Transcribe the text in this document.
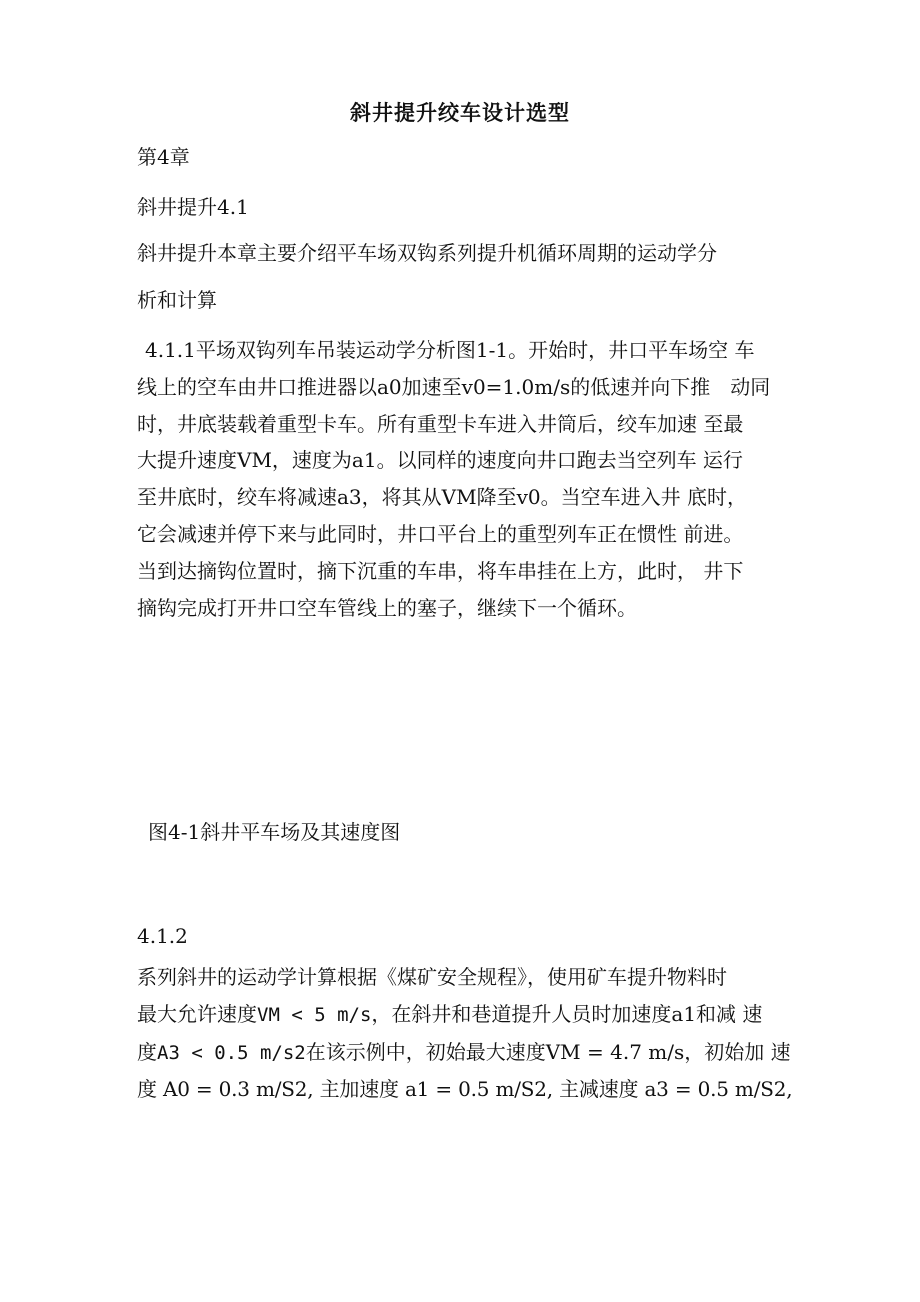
斜井提升绞车设计选型
第4章
斜井提升4.1
斜井提升本章主要介绍平车场双钩系列提升机循环周期的运动学分
析和计算
4.1.1平场双钩列车吊装运动学分析图1-1。开始时，井口平车场空 车
线上的空车由井口推进器以a0加速至v0=1.0m/s的低速并向下推　动同
时，井底装载着重型卡车。所有重型卡车进入井筒后，绞车加速 至最
大提升速度VM，速度为a1。以同样的速度向井口跑去当空列车 运行
至井底时，绞车将减速a3，将其从VM降至v0。当空车进入井 底时，
它会减速并停下来与此同时，井口平台上的重型列车正在惯性 前进。
当到达摘钩位置时，摘下沉重的车串，将车串挂在上方，此时， 井下
摘钩完成打开井口空车管线上的塞子，继续下一个循环。
图4-1斜井平车场及其速度图
4.1.2
系列斜井的运动学计算根据《煤矿安全规程》，使用矿车提升物料时
最大允许速度VM < 5 m/s，在斜井和巷道提升人员时加速度a1和减 速
度A3 < 0.5 m/s2在该示例中，初始最大速度VM = 4.7 m/s，初始加 速
度 A0 = 0.3 m/S2, 主加速度 a1 = 0.5 m/S2, 主减速度 a3 = 0.5 m/S2,
